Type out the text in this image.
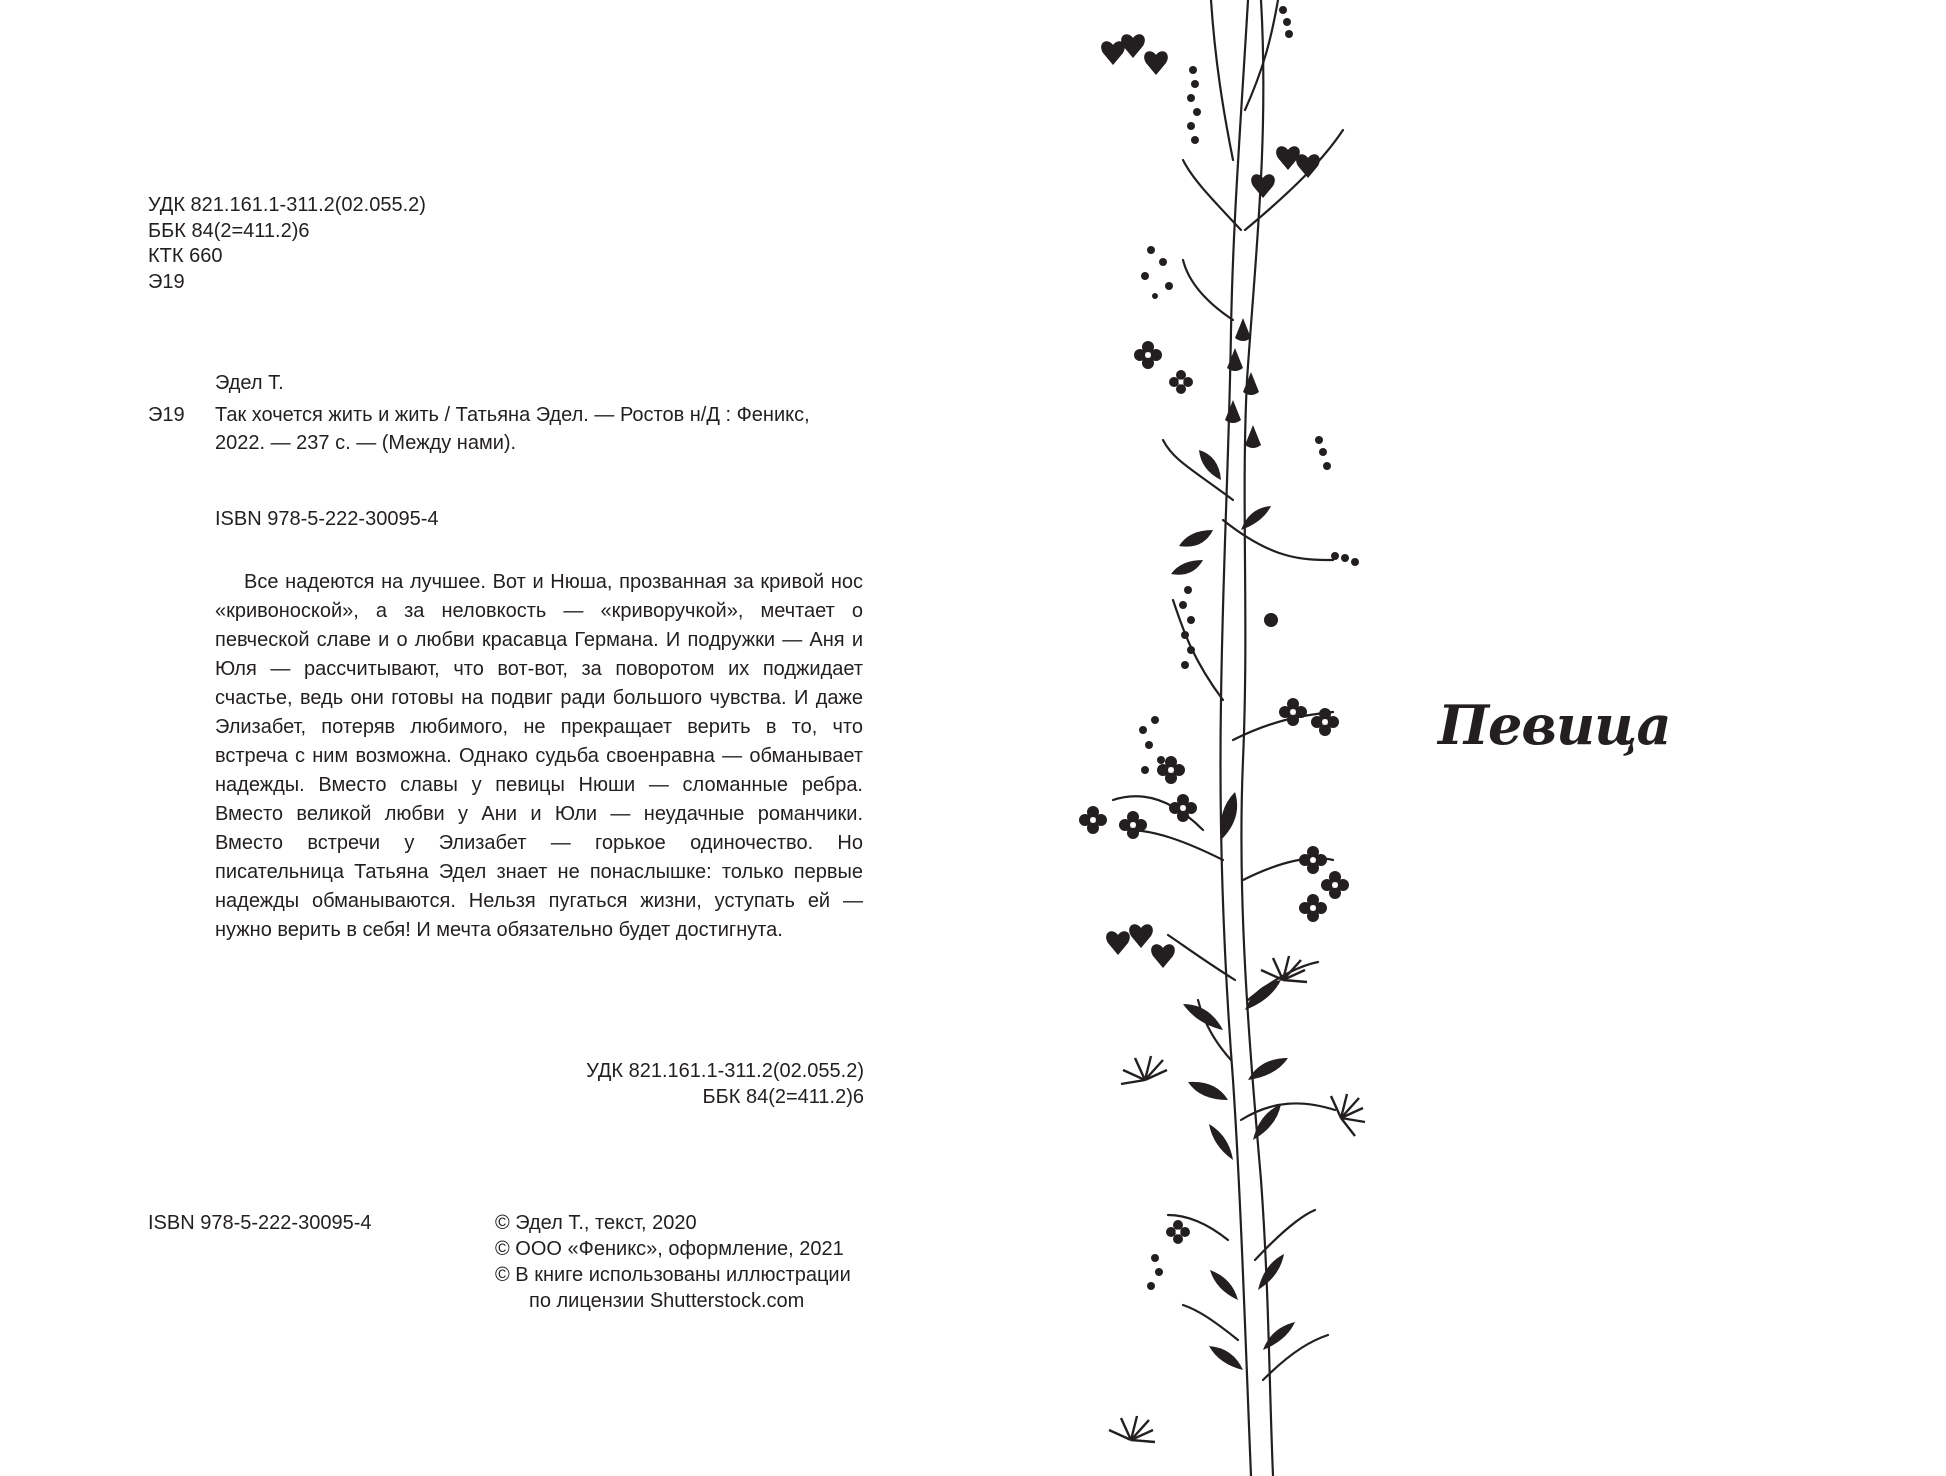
УДК 821.161.1-311.2(02.055.2)
ББК 84(2=411.2)6
КТК 660
Э19
Эдел Т.
Э19 Так хочется жить и жить / Татьяна Эдел. — Ростов н/Д : Феникс,
2022. — 237 с. — (Между нами).
ISBN 978-5-222-30095-4
Все надеются на лучшее. Вот и Нюша, прозванная за кривой нос «кривоноской», а за неловкость — «криворучкой», мечтает о певческой славе и о любви красавца Германа. И подружки — Аня и Юля — рассчитывают, что вот-вот, за поворотом их поджидает счастье, ведь они готовы на подвиг ради большого чувства. И даже Элизабет, потеряв любимого, не прекращает верить в то, что встреча с ним возможна. Однако судьба своенравна — обманывает надежды. Вместо славы у певицы Нюши — сломанные ребра. Вместо великой любви у Ани и Юли — неудачные романчики. Вместо встречи у Элизабет — горькое одиночество. Но писательница Татьяна Эдел знает не понаслышке: только первые надежды обманываются. Нельзя пугаться жизни, уступать ей — нужно верить в себя! И мечта обязательно будет достигнута.
УДК 821.161.1-311.2(02.055.2)
ББК 84(2=411.2)6
ISBN 978-5-222-30095-4	© Эдел Т., текст, 2020
© ООО «Феникс», оформление, 2021
© В книге использованы иллюстрации
по лицензии Shutterstock.com
Певица
